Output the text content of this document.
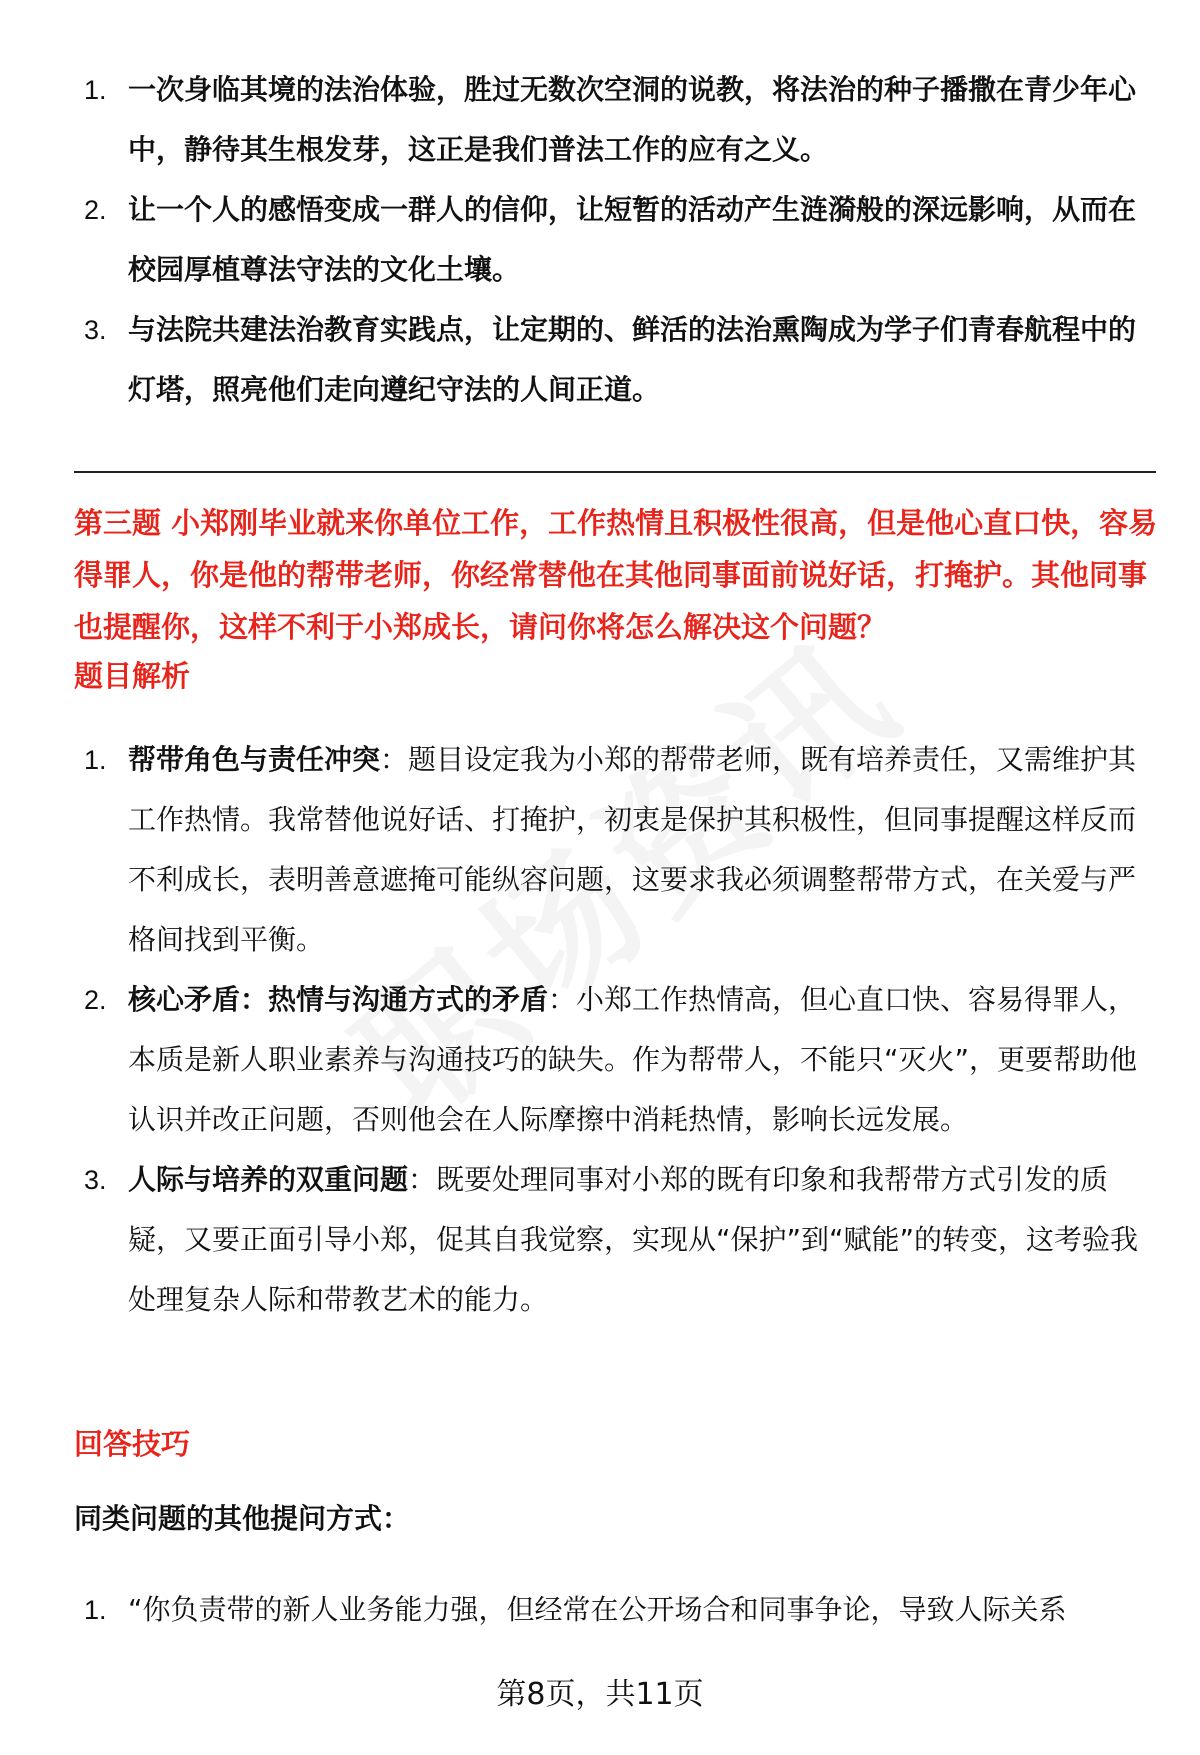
1. 一次身临其境的法治体验，胜过无数次空洞的说教，将法治的种子播撒在青少年心中，静待其生根发芽，这正是我们普法工作的应有之义。
2. 让一个人的感悟变成一群人的信仰，让短暂的活动产生涟漪般的深远影响，从而在校园厚植尊法守法的文化土壤。
3. 与法院共建法治教育实践点，让定期的、鲜活的法治熏陶成为学子们青春航程中的灯塔，照亮他们走向遵纪守法的人间正道。
第三题 小郑刚毕业就来你单位工作，工作热情且积极性很高，但是他心直口快，容易得罪人，你是他的帮带老师，你经常替他在其他同事面前说好话，打掩护。其他同事也提醒你，这样不利于小郑成长，请问你将怎么解决这个问题？
题目解析
1. 帮带角色与责任冲突：题目设定我为小郑的帮带老师，既有培养责任，又需维护其工作热情。我常替他说好话、打掩护，初衷是保护其积极性，但同事提醒这样反而不利成长，表明善意遮掩可能纵容问题，这要求我必须调整帮带方式，在关爱与严格间找到平衡。
2. 核心矛盾：热情与沟通方式的矛盾：小郑工作热情高，但心直口快、容易得罪人，本质是新人职业素养与沟通技巧的缺失。作为帮带人，不能只“灭火”，更要帮助他认识并改正问题，否则他会在人际摩擦中消耗热情，影响长远发展。
3. 人际与培养的双重问题：既要处理同事对小郑的既有印象和我帮带方式引发的质疑，又要正面引导小郑，促其自我觉察，实现从“保护”到“赋能”的转变，这考验我处理复杂人际和带教艺术的能力。
回答技巧
同类问题的其他提问方式：
1. “你负责带的新人业务能力强，但经常在公开场合和同事争论，导致人际关系
第8页，共11页
